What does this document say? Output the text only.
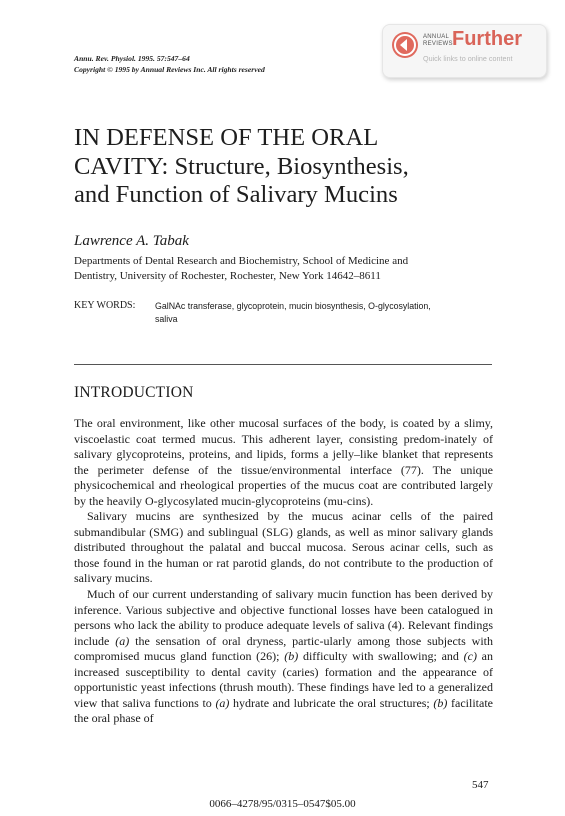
Annu. Rev. Physiol. 1995. 57:547–64
Copyright © 1995 by Annual Reviews Inc. All rights reserved
ANNUAL
REVIEWS Further
Quick links to online content
IN DEFENSE OF THE ORAL
CAVITY: Structure, Biosynthesis,
and Function of Salivary Mucins
Lawrence A. Tabak
Departments of Dental Research and Biochemistry, School of Medicine and
Dentistry, University of Rochester, Rochester, New York 14642–8611
KEY WORDS: GalNAc transferase, glycoprotein, mucin biosynthesis, O-glycosylation,
saliva
INTRODUCTION

The oral environment, like other mucosal surfaces of the body, is coated by a slimy, viscoelastic coat termed mucus. This adherent layer, consisting predom-inately of salivary glycoproteins, proteins, and lipids, forms a jelly–like blanket that represents the perimeter defense of the tissue/environmental interface (77). The unique physicochemical and rheological properties of the mucus coat are contributed largely by the heavily O-glycosylated mucin-glycoproteins (mu-cins).

Salivary mucins are synthesized by the mucus acinar cells of the paired submandibular (SMG) and sublingual (SLG) glands, as well as minor salivary glands distributed throughout the palatal and buccal mucosa. Serous acinar cells, such as those found in the human or rat parotid glands, do not contribute to the production of salivary mucins.

Much of our current understanding of salivary mucin function has been derived by inference. Various subjective and objective functional losses have been catalogued in persons who lack the ability to produce adequate levels of saliva (4). Relevant findings include (a) the sensation of oral dryness, partic-ularly among those subjects with compromised mucus gland function (26); (b) difficulty with swallowing; and (c) an increased susceptibility to dental cavity (caries) formation and the appearance of opportunistic yeast infections (thrush mouth). These findings have led to a generalized view that saliva functions to (a) hydrate and lubricate the oral structures; (b) facilitate the oral phase of

547
0066–4278/95/0315–0547$05.00
